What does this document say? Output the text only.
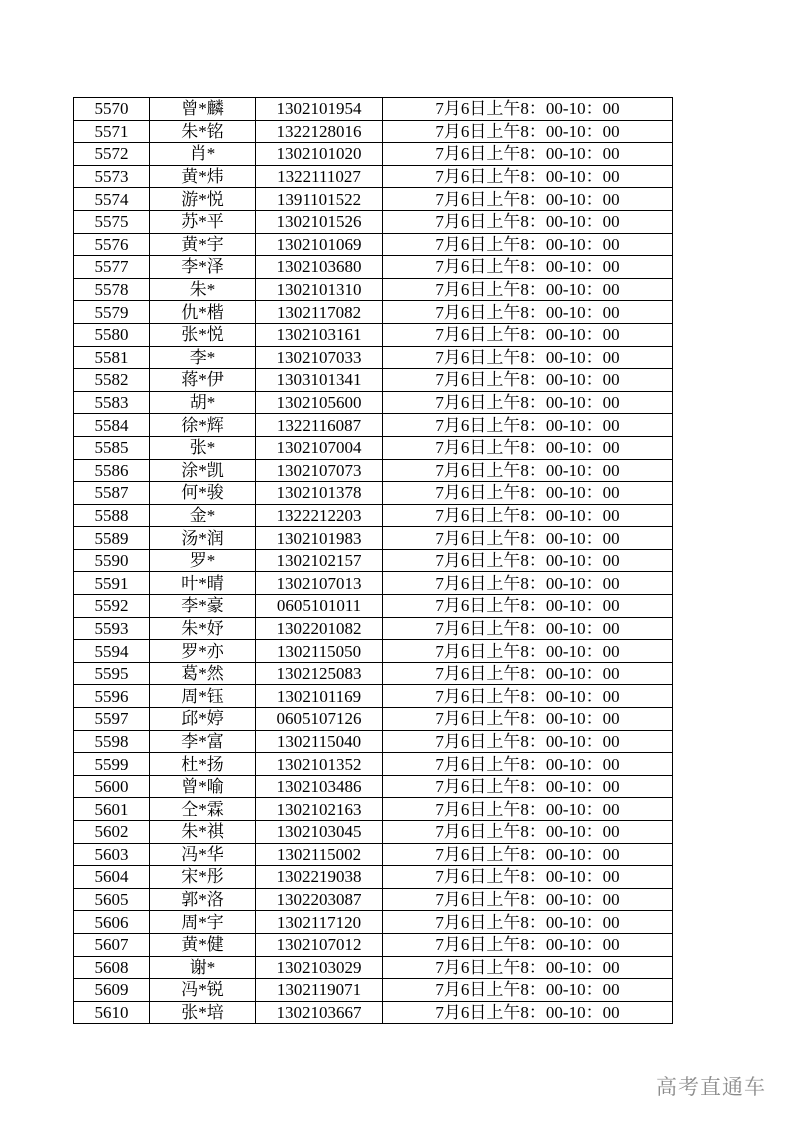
5570	曾*麟	1302101954	7月6日上午8：00-10：00
5571	朱*铭	1322128016	7月6日上午8：00-10：00
5572	肖*	1302101020	7月6日上午8：00-10：00
5573	黄*炜	1322111027	7月6日上午8：00-10：00
5574	游*悦	1391101522	7月6日上午8：00-10：00
5575	苏*平	1302101526	7月6日上午8：00-10：00
5576	黄*宇	1302101069	7月6日上午8：00-10：00
5577	李*泽	1302103680	7月6日上午8：00-10：00
5578	朱*	1302101310	7月6日上午8：00-10：00
5579	仇*楷	1302117082	7月6日上午8：00-10：00
5580	张*悦	1302103161	7月6日上午8：00-10：00
5581	李*	1302107033	7月6日上午8：00-10：00
5582	蒋*伊	1303101341	7月6日上午8：00-10：00
5583	胡*	1302105600	7月6日上午8：00-10：00
5584	徐*辉	1322116087	7月6日上午8：00-10：00
5585	张*	1302107004	7月6日上午8：00-10：00
5586	涂*凯	1302107073	7月6日上午8：00-10：00
5587	何*骏	1302101378	7月6日上午8：00-10：00
5588	金*	1322212203	7月6日上午8：00-10：00
5589	汤*润	1302101983	7月6日上午8：00-10：00
5590	罗*	1302102157	7月6日上午8：00-10：00
5591	叶*晴	1302107013	7月6日上午8：00-10：00
5592	李*豪	0605101011	7月6日上午8：00-10：00
5593	朱*妤	1302201082	7月6日上午8：00-10：00
5594	罗*亦	1302115050	7月6日上午8：00-10：00
5595	葛*然	1302125083	7月6日上午8：00-10：00
5596	周*钰	1302101169	7月6日上午8：00-10：00
5597	邱*婷	0605107126	7月6日上午8：00-10：00
5598	李*富	1302115040	7月6日上午8：00-10：00
5599	杜*扬	1302101352	7月6日上午8：00-10：00
5600	曾*喻	1302103486	7月6日上午8：00-10：00
5601	仝*霖	1302102163	7月6日上午8：00-10：00
5602	朱*祺	1302103045	7月6日上午8：00-10：00
5603	冯*华	1302115002	7月6日上午8：00-10：00
5604	宋*彤	1302219038	7月6日上午8：00-10：00
5605	郭*洛	1302203087	7月6日上午8：00-10：00
5606	周*宇	1302117120	7月6日上午8：00-10：00
5607	黄*健	1302107012	7月6日上午8：00-10：00
5608	谢*	1302103029	7月6日上午8：00-10：00
5609	冯*锐	1302119071	7月6日上午8：00-10：00
5610	张*培	1302103667	7月6日上午8：00-10：00
高考直通车
